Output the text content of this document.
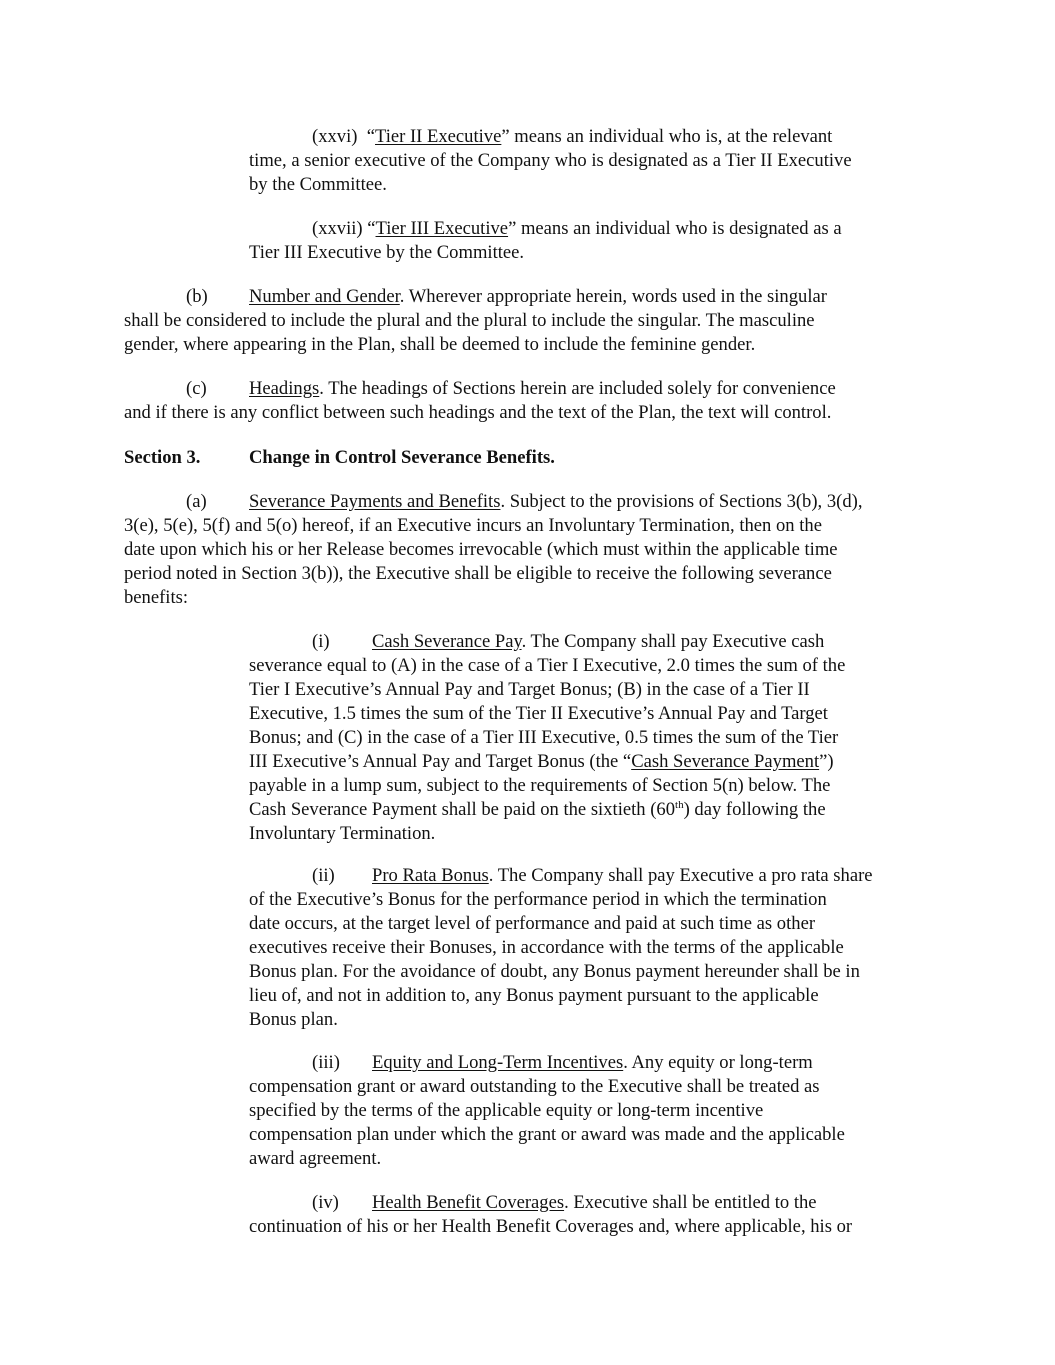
(xxvi) “Tier II Executive” means an individual who is, at the relevant
time, a senior executive of the Company who is designated as a Tier II Executive
by the Committee.
(xxvii) “Tier III Executive” means an individual who is designated as a
Tier III Executive by the Committee.
(b) Number and Gender. Wherever appropriate herein, words used in the singular
shall be considered to include the plural and the plural to include the singular. The masculine
gender, where appearing in the Plan, shall be deemed to include the feminine gender.
(c) Headings. The headings of Sections herein are included solely for convenience
and if there is any conflict between such headings and the text of the Plan, the text will control.
Section 3.	Change in Control Severance Benefits.
(a) Severance Payments and Benefits. Subject to the provisions of Sections 3(b), 3(d),
3(e), 5(e), 5(f) and 5(o) hereof, if an Executive incurs an Involuntary Termination, then on the
date upon which his or her Release becomes irrevocable (which must within the applicable time
period noted in Section 3(b)), the Executive shall be eligible to receive the following severance
benefits:
(i) Cash Severance Pay. The Company shall pay Executive cash
severance equal to (A) in the case of a Tier I Executive, 2.0 times the sum of the
Tier I Executive’s Annual Pay and Target Bonus; (B) in the case of a Tier II
Executive, 1.5 times the sum of the Tier II Executive’s Annual Pay and Target
Bonus; and (C) in the case of a Tier III Executive, 0.5 times the sum of the Tier
III Executive’s Annual Pay and Target Bonus (the “Cash Severance Payment”)
payable in a lump sum, subject to the requirements of Section 5(n) below. The
Cash Severance Payment shall be paid on the sixtieth (60th) day following the
Involuntary Termination.
(ii) Pro Rata Bonus. The Company shall pay Executive a pro rata share
of the Executive’s Bonus for the performance period in which the termination
date occurs, at the target level of performance and paid at such time as other
executives receive their Bonuses, in accordance with the terms of the applicable
Bonus plan. For the avoidance of doubt, any Bonus payment hereunder shall be in
lieu of, and not in addition to, any Bonus payment pursuant to the applicable
Bonus plan.
(iii) Equity and Long-Term Incentives. Any equity or long-term
compensation grant or award outstanding to the Executive shall be treated as
specified by the terms of the applicable equity or long-term incentive
compensation plan under which the grant or award was made and the applicable
award agreement.
(iv) Health Benefit Coverages. Executive shall be entitled to the
continuation of his or her Health Benefit Coverages and, where applicable, his or
